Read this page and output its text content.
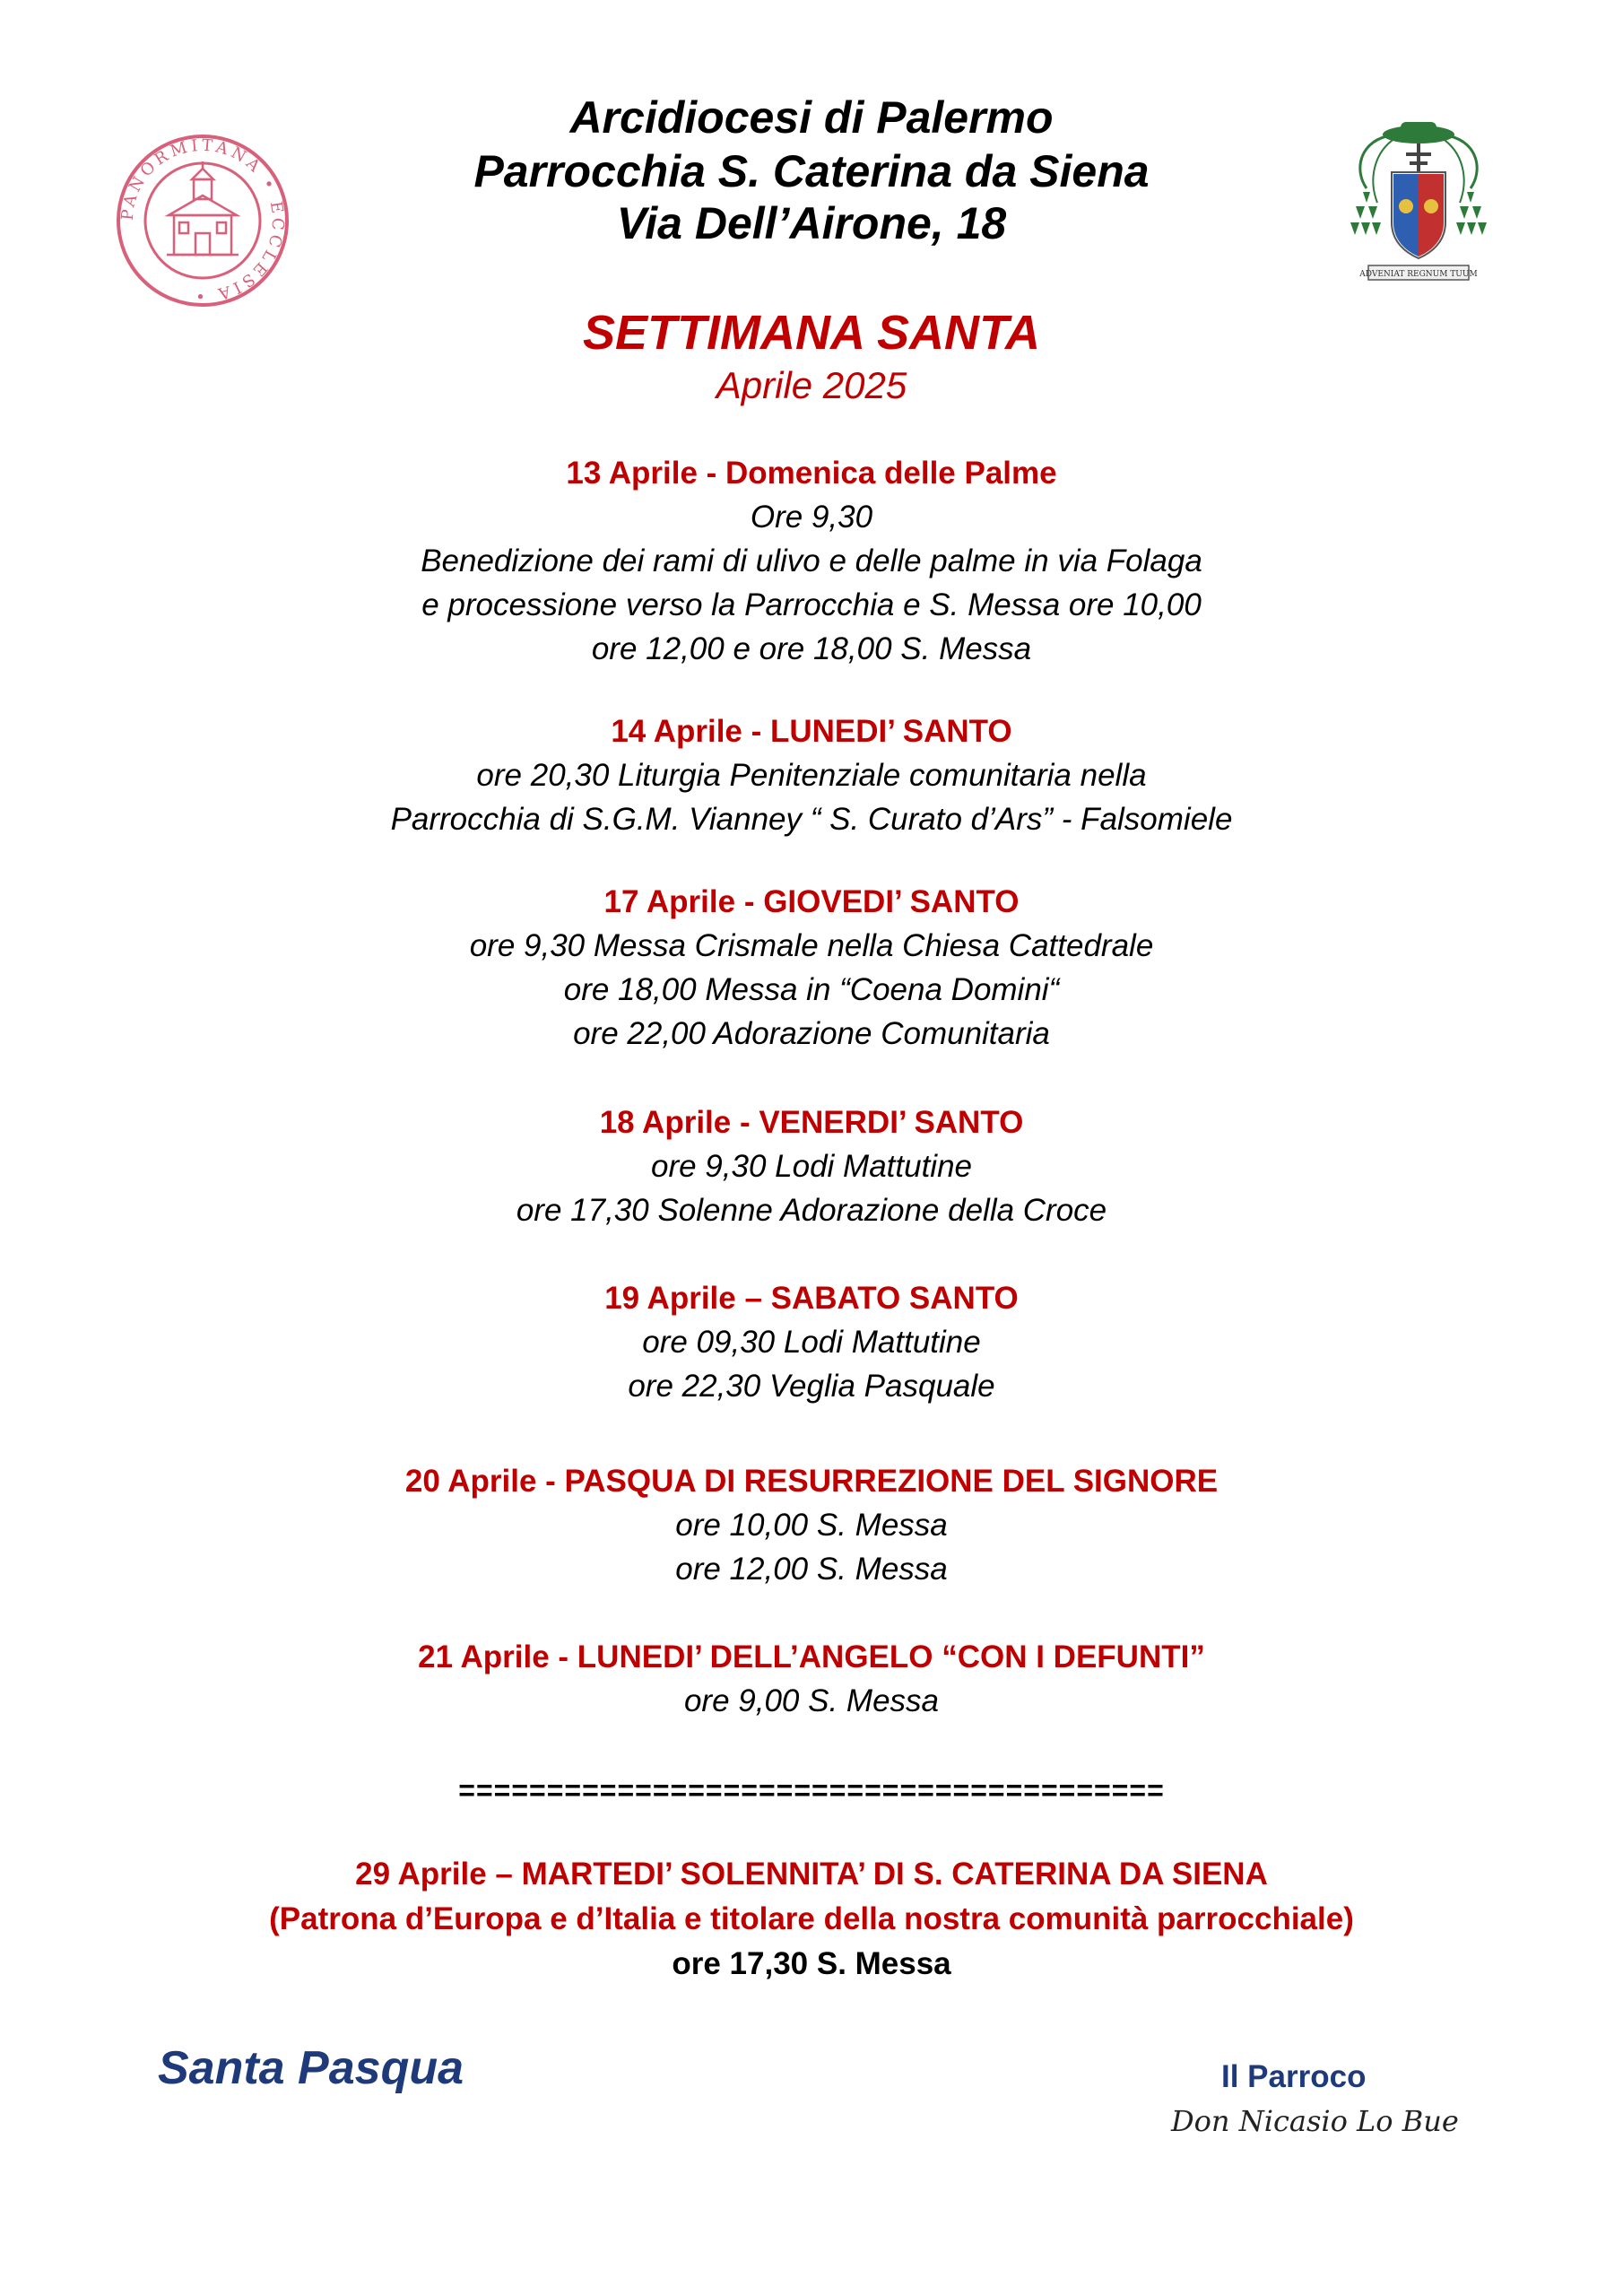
PANORMITANA • ECCLESIA •
ADVENIAT REGNUM TUUM
Arcidiocesi di Palermo
Parrocchia S. Caterina da Siena
Via Dell’Airone, 18
SETTIMANA SANTA
Aprile 2025
13 Aprile - Domenica delle Palme
Ore 9,30
Benedizione dei rami di ulivo e delle palme in via Folaga
e processione verso la Parrocchia e S. Messa ore 10,00
ore 12,00 e ore 18,00 S. Messa
14 Aprile - LUNEDI’ SANTO
ore 20,30 Liturgia Penitenziale comunitaria nella
Parrocchia di S.G.M. Vianney “ S. Curato d’Ars” - Falsomiele
17 Aprile - GIOVEDI’ SANTO
ore 9,30 Messa Crismale nella Chiesa Cattedrale
ore 18,00 Messa in “Coena Domini“
ore 22,00 Adorazione Comunitaria
18 Aprile - VENERDI’ SANTO
ore 9,30 Lodi Mattutine
ore 17,30 Solenne Adorazione della Croce
19 Aprile – SABATO SANTO
ore 09,30 Lodi Mattutine
ore 22,30 Veglia Pasquale
20 Aprile - PASQUA DI RESURREZIONE DEL SIGNORE
ore 10,00 S. Messa
ore 12,00 S. Messa
21 Aprile - LUNEDI’ DELL’ANGELO “CON I DEFUNTI”
ore 9,00 S. Messa
========================================
29 Aprile – MARTEDI’ SOLENNITA’ DI S. CATERINA DA SIENA
(Patrona d’Europa e d’Italia e titolare della nostra comunità parrocchiale)
ore 17,30 S. Messa
Santa Pasqua	Il Parroco
Don Nicasio Lo Bue
